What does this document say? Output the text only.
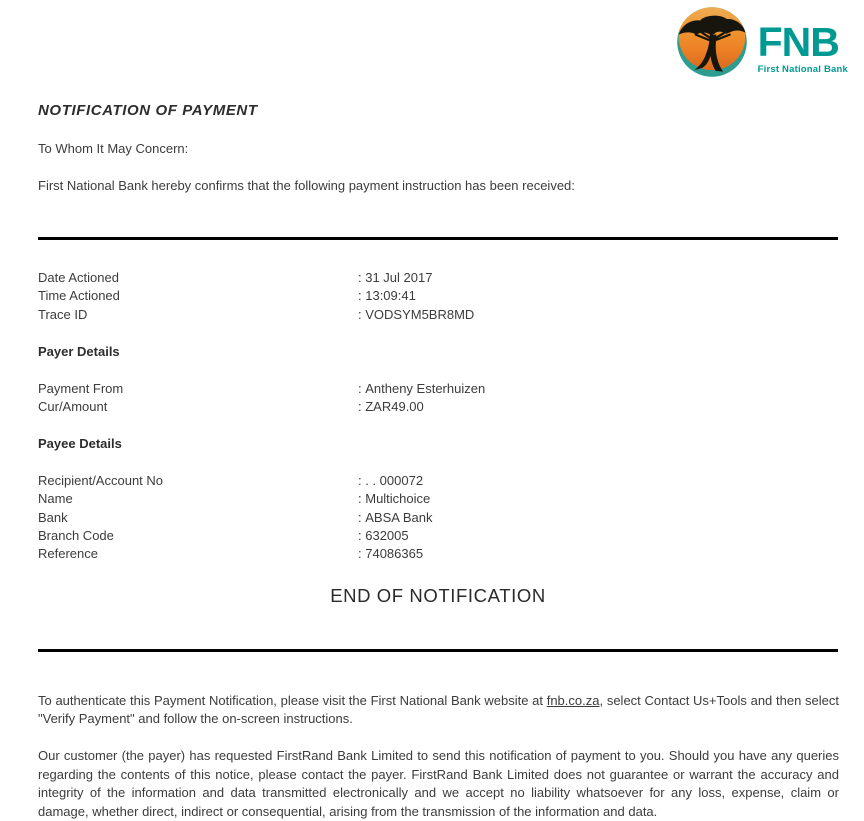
FNB
First National Bank
NOTIFICATION OF PAYMENT
To Whom It May Concern:
First National Bank hereby confirms that the following payment instruction has been received:
Date Actioned	: 31 Jul 2017
Time Actioned	: 13:09:41
Trace ID	: VODSYM5BR8MD
Payer Details
Payment From	: Antheny Esterhuizen
Cur/Amount	: ZAR49.00
Payee Details
Recipient/Account No	: . . 000072
Name	: Multichoice
Bank	: ABSA Bank
Branch Code	: 632005
Reference	: 74086365
END OF NOTIFICATION

To authenticate this Payment Notification, please visit the First National Bank website at fnb.co.za, select Contact Us+Tools and then select "Verify Payment" and follow the on-screen instructions.

Our customer (the payer) has requested FirstRand Bank Limited to send this notification of payment to you. Should you have any queries regarding the contents of this notice, please contact the payer. FirstRand Bank Limited does not guarantee or warrant the accuracy and integrity of the information and data transmitted electronically and we accept no liability whatsoever for any loss, expense, claim or damage, whether direct, indirect or consequential, arising from the transmission of the information and data.
